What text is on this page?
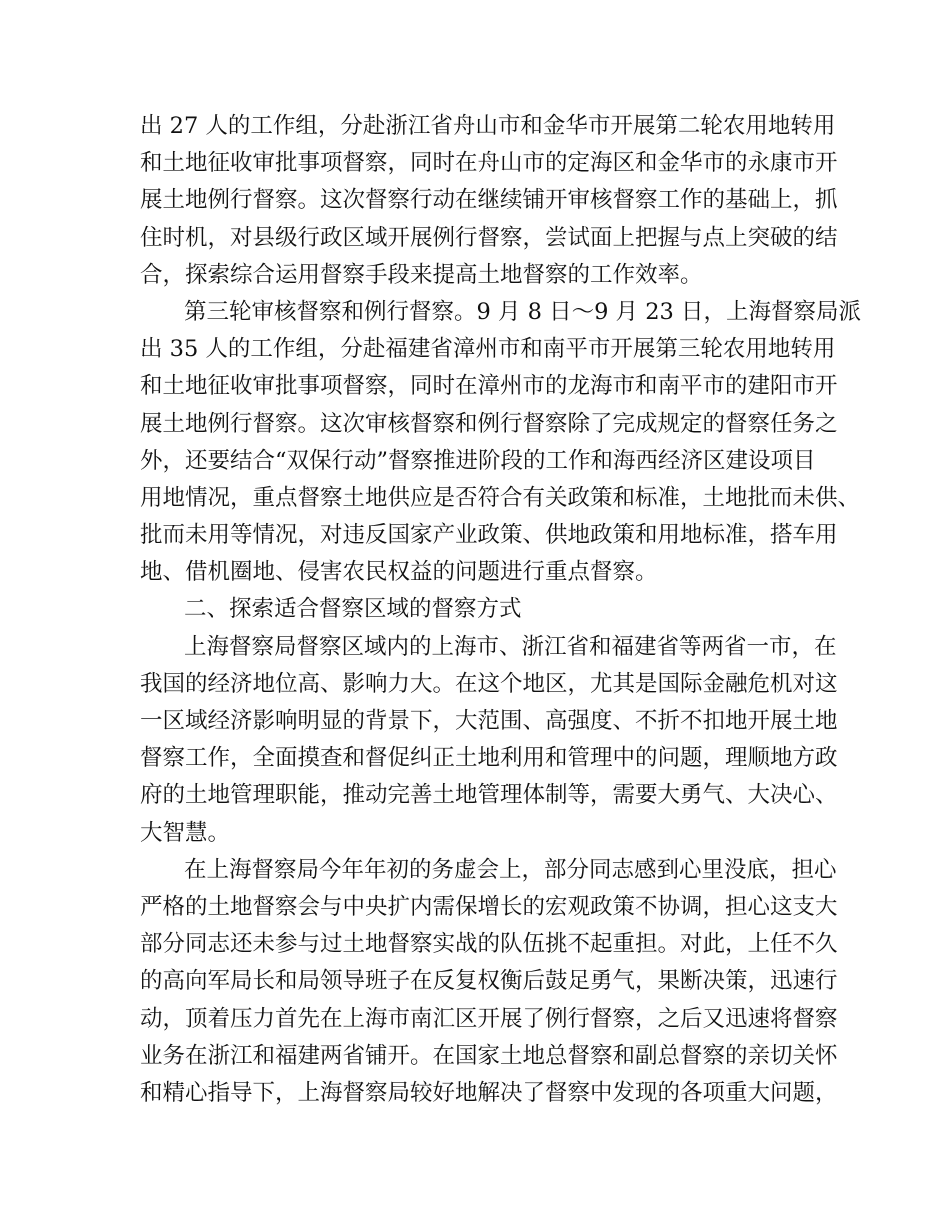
出 27 人的工作组，分赴浙江省舟山市和金华市开展第二轮农用地转用
和土地征收审批事项督察，同时在舟山市的定海区和金华市的永康市开
展土地例行督察。这次督察行动在继续铺开审核督察工作的基础上，抓
住时机，对县级行政区域开展例行督察，尝试面上把握与点上突破的结
合，探索综合运用督察手段来提高土地督察的工作效率。
第三轮审核督察和例行督察。9 月 8 日～9 月 23 日，上海督察局派
出 35 人的工作组，分赴福建省漳州市和南平市开展第三轮农用地转用
和土地征收审批事项督察，同时在漳州市的龙海市和南平市的建阳市开
展土地例行督察。这次审核督察和例行督察除了完成规定的督察任务之
外，还要结合“双保行动”督察推进阶段的工作和海西经济区建设项目
用地情况，重点督察土地供应是否符合有关政策和标准，土地批而未供、
批而未用等情况，对违反国家产业政策、供地政策和用地标准，搭车用
地、借机圈地、侵害农民权益的问题进行重点督察。
二、探索适合督察区域的督察方式
上海督察局督察区域内的上海市、浙江省和福建省等两省一市，在
我国的经济地位高、影响力大。在这个地区，尤其是国际金融危机对这
一区域经济影响明显的背景下，大范围、高强度、不折不扣地开展土地
督察工作，全面摸查和督促纠正土地利用和管理中的问题，理顺地方政
府的土地管理职能，推动完善土地管理体制等，需要大勇气、大决心、
大智慧。
在上海督察局今年年初的务虚会上，部分同志感到心里没底，担心
严格的土地督察会与中央扩内需保增长的宏观政策不协调，担心这支大
部分同志还未参与过土地督察实战的队伍挑不起重担。对此，上任不久
的高向军局长和局领导班子在反复权衡后鼓足勇气，果断决策，迅速行
动，顶着压力首先在上海市南汇区开展了例行督察，之后又迅速将督察
业务在浙江和福建两省铺开。在国家土地总督察和副总督察的亲切关怀
和精心指导下，上海督察局较好地解决了督察中发现的各项重大问题，
